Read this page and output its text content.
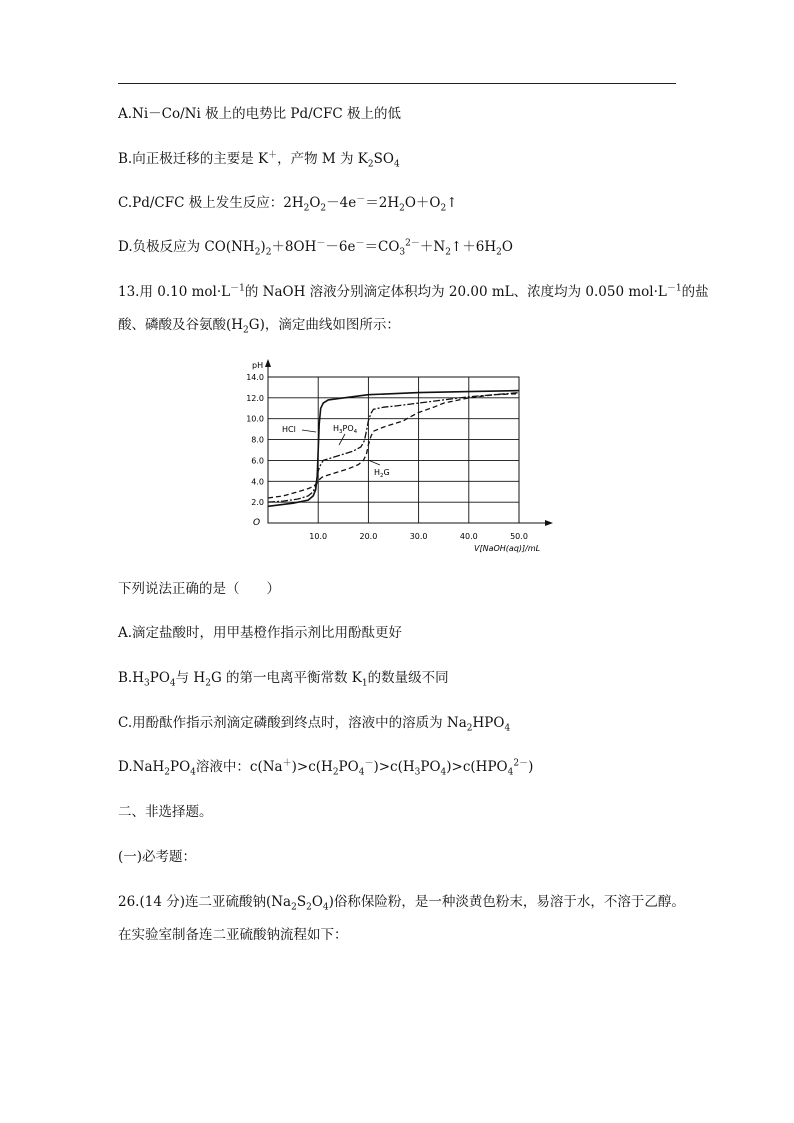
A.Ni－Co/Ni 极上的电势比 Pd/CFC 极上的低
B.向正极迁移的主要是 K＋，产物 M 为 $K_2SO_4$
C.Pd/CFC 极上发生反应：$2H_2O_2-4e^-=2H_2O+O_2↑$
D.负极反应为 $CO(NH_2)_2+8OH^--6e^-=CO_3^{2-}+N_2↑+6H_2O$
13.用 0.10 $mol\cdot L^{-1}$的 NaOH 溶液分别滴定体积均为 20.00 mL、浓度均为 0.050 $mol\cdot L^{-1}$的盐
酸、磷酸及谷氨酸$(H_2G)$，滴定曲线如图所示：
10.0	20.0	30.0	40.0	50.0
2.0
4.0
6.0
8.0
10.0
12.0
14.0
pH
O
V[NaOH(aq)]/mL
HCl	$H_3PO_4$
$H_2G$
下列说法正确的是（　　）
A.滴定盐酸时，用甲基橙作指示剂比用酚酞更好
$B.H_3PO_4$与 $H_2G$ 的第一电离平衡常数 $K_1$的数量级不同
C.用酚酞作指示剂滴定磷酸到终点时，溶液中的溶质为 $Na_2HPO_4$
$D.NaH_2PO_4$溶液中：$c(Na^+)>c(H_2PO_4^-)>c(H_3PO_4)>c(HPO_4^{2-})$
二、非选择题。
(一)必考题：
26.(14 分)连二亚硫酸钠$(Na_2S_2O_4)$俗称保险粉，是一种淡黄色粉末，易溶于水，不溶于乙醇。
在实验室制备连二亚硫酸钠流程如下：
